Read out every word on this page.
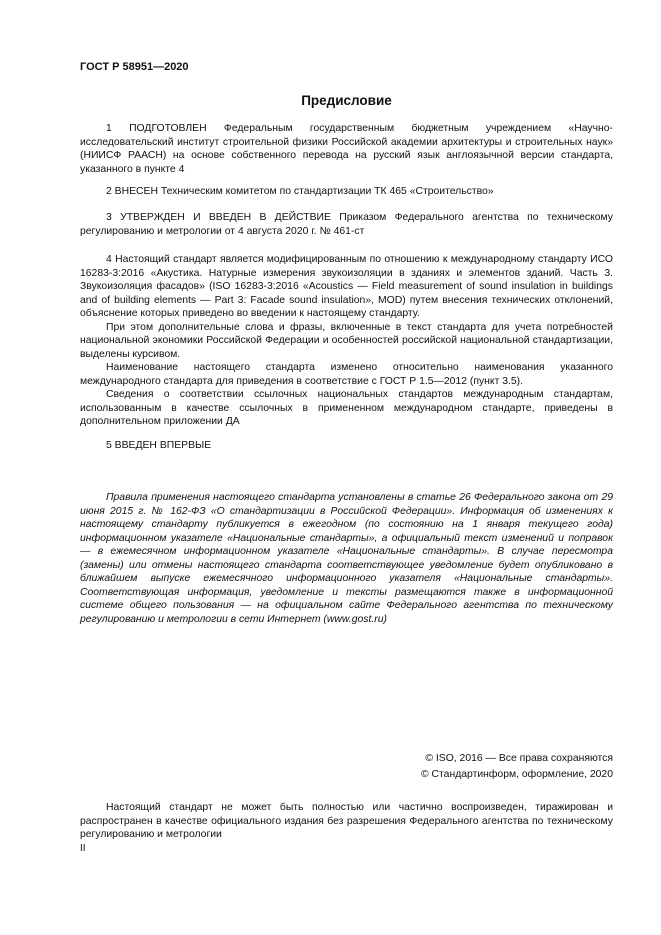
ГОСТ Р 58951—2020
Предисловие

1 ПОДГОТОВЛЕН Федеральным государственным бюджетным учреждением «Научно-исследовательский институт строительной физики Российской академии архитектуры и строительных наук» (НИИСФ РААСН) на основе собственного перевода на русский язык англоязычной версии стандарта, указанного в пункте 4

2 ВНЕСЕН Техническим комитетом по стандартизации ТК 465 «Строительство»

3 УТВЕРЖДЕН И ВВЕДЕН В ДЕЙСТВИЕ Приказом Федерального агентства по техническому регулированию и метрологии от 4 августа 2020 г. № 461-ст

4 Настоящий стандарт является модифицированным по отношению к международному стандарту ИСО 16283-3:2016 «Акустика. Натурные измерения звукоизоляции в зданиях и элементов зданий. Часть 3. Звукоизоляция фасадов» (ISO 16283-3:2016 «Acoustics — Field measurement of sound insulation in buildings and of building elements — Part 3: Facade sound insulation», MOD) путем внесения технических отклонений, объяснение которых приведено во введении к настоящему стандарту.

При этом дополнительные слова и фразы, включенные в текст стандарта для учета потребностей национальной экономики Российской Федерации и особенностей российской национальной стандартизации, выделены курсивом.

Наименование настоящего стандарта изменено относительно наименования указанного международного стандарта для приведения в соответствие с ГОСТ Р 1.5—2012 (пункт 3.5).

Сведения о соответствии ссылочных национальных стандартов международным стандартам, использованным в качестве ссылочных в примененном международном стандарте, приведены в дополнительном приложении ДА

5 ВВЕДЕН ВПЕРВЫЕ

Правила применения настоящего стандарта установлены в статье 26 Федерального закона от 29 июня 2015 г. № 162-ФЗ «О стандартизации в Российской Федерации». Информация об изменениях к настоящему стандарту публикуется в ежегодном (по состоянию на 1 января текущего года) информационном указателе «Национальные стандарты», а официальный текст изменений и поправок — в ежемесячном информационном указателе «Национальные стандарты». В случае пересмотра (замены) или отмены настоящего стандарта соответствующее уведомление будет опубликовано в ближайшем выпуске ежемесячного информационного указателя «Национальные стандарты». Соответствующая информация, уведомление и тексты размещаются также в информационной системе общего пользования — на официальном сайте Федерального агентства по техническому регулированию и метрологии в сети Интернет (www.gost.ru)

© ISO, 2016 — Все права сохраняются
© Стандартинформ, оформление, 2020

Настоящий стандарт не может быть полностью или частично воспроизведен, тиражирован и распространен в качестве официального издания без разрешения Федерального агентства по техническому регулированию и метрологии

II
